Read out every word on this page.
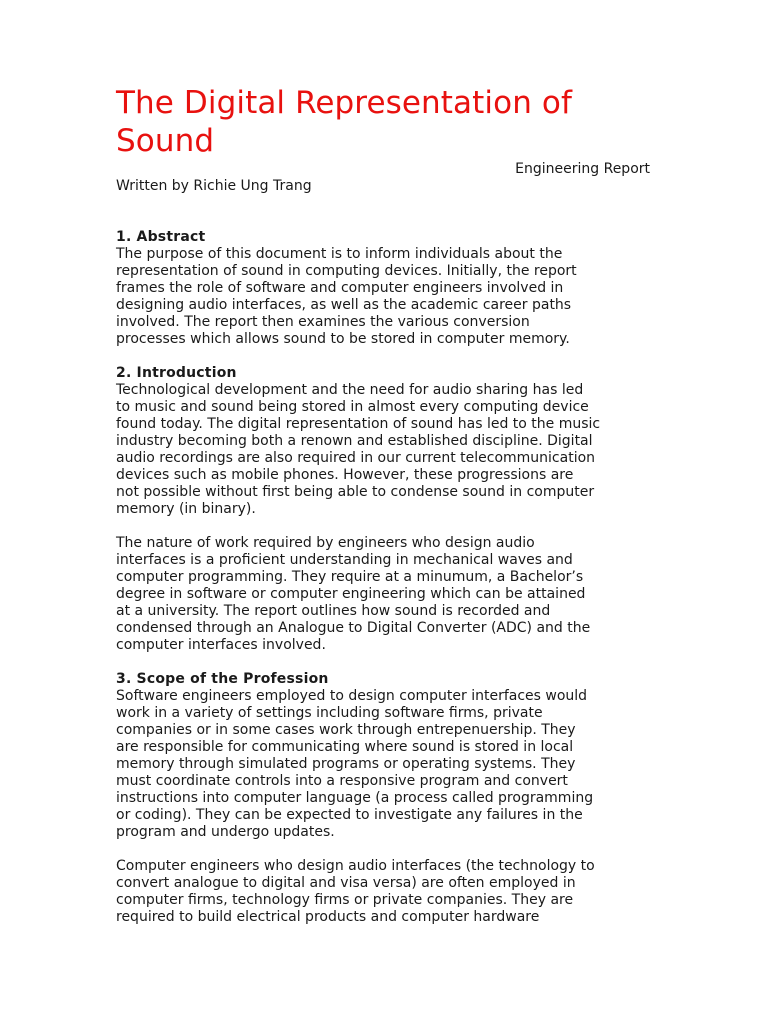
The Digital Representation of
Sound
Engineering Report
Written by Richie Ung Trang
1. Abstract

The purpose of this document is to inform individuals about the
representation of sound in computing devices. Initially, the report
frames the role of software and computer engineers involved in
designing audio interfaces, as well as the academic career paths
involved. The report then examines the various conversion
processes which allows sound to be stored in computer memory.

2. Introduction

Technological development and the need for audio sharing has led
to music and sound being stored in almost every computing device
found today. The digital representation of sound has led to the music
industry becoming both a renown and established discipline. Digital
audio recordings are also required in our current telecommunication
devices such as mobile phones. However, these progressions are
not possible without first being able to condense sound in computer
memory (in binary).

The nature of work required by engineers who design audio
interfaces is a proficient understanding in mechanical waves and
computer programming. They require at a minumum, a Bachelor’s
degree in software or computer engineering which can be attained
at a university. The report outlines how sound is recorded and
condensed through an Analogue to Digital Converter (ADC) and the
computer interfaces involved.

3. Scope of the Profession

Software engineers employed to design computer interfaces would
work in a variety of settings including software firms, private
companies or in some cases work through entrepenuership. They
are responsible for communicating where sound is stored in local
memory through simulated programs or operating systems. They
must coordinate controls into a responsive program and convert
instructions into computer language (a process called programming
or coding). They can be expected to investigate any failures in the
program and undergo updates.

Computer engineers who design audio interfaces (the technology to
convert analogue to digital and visa versa) are often employed in
computer firms, technology firms or private companies. They are
required to build electrical products and computer hardware
